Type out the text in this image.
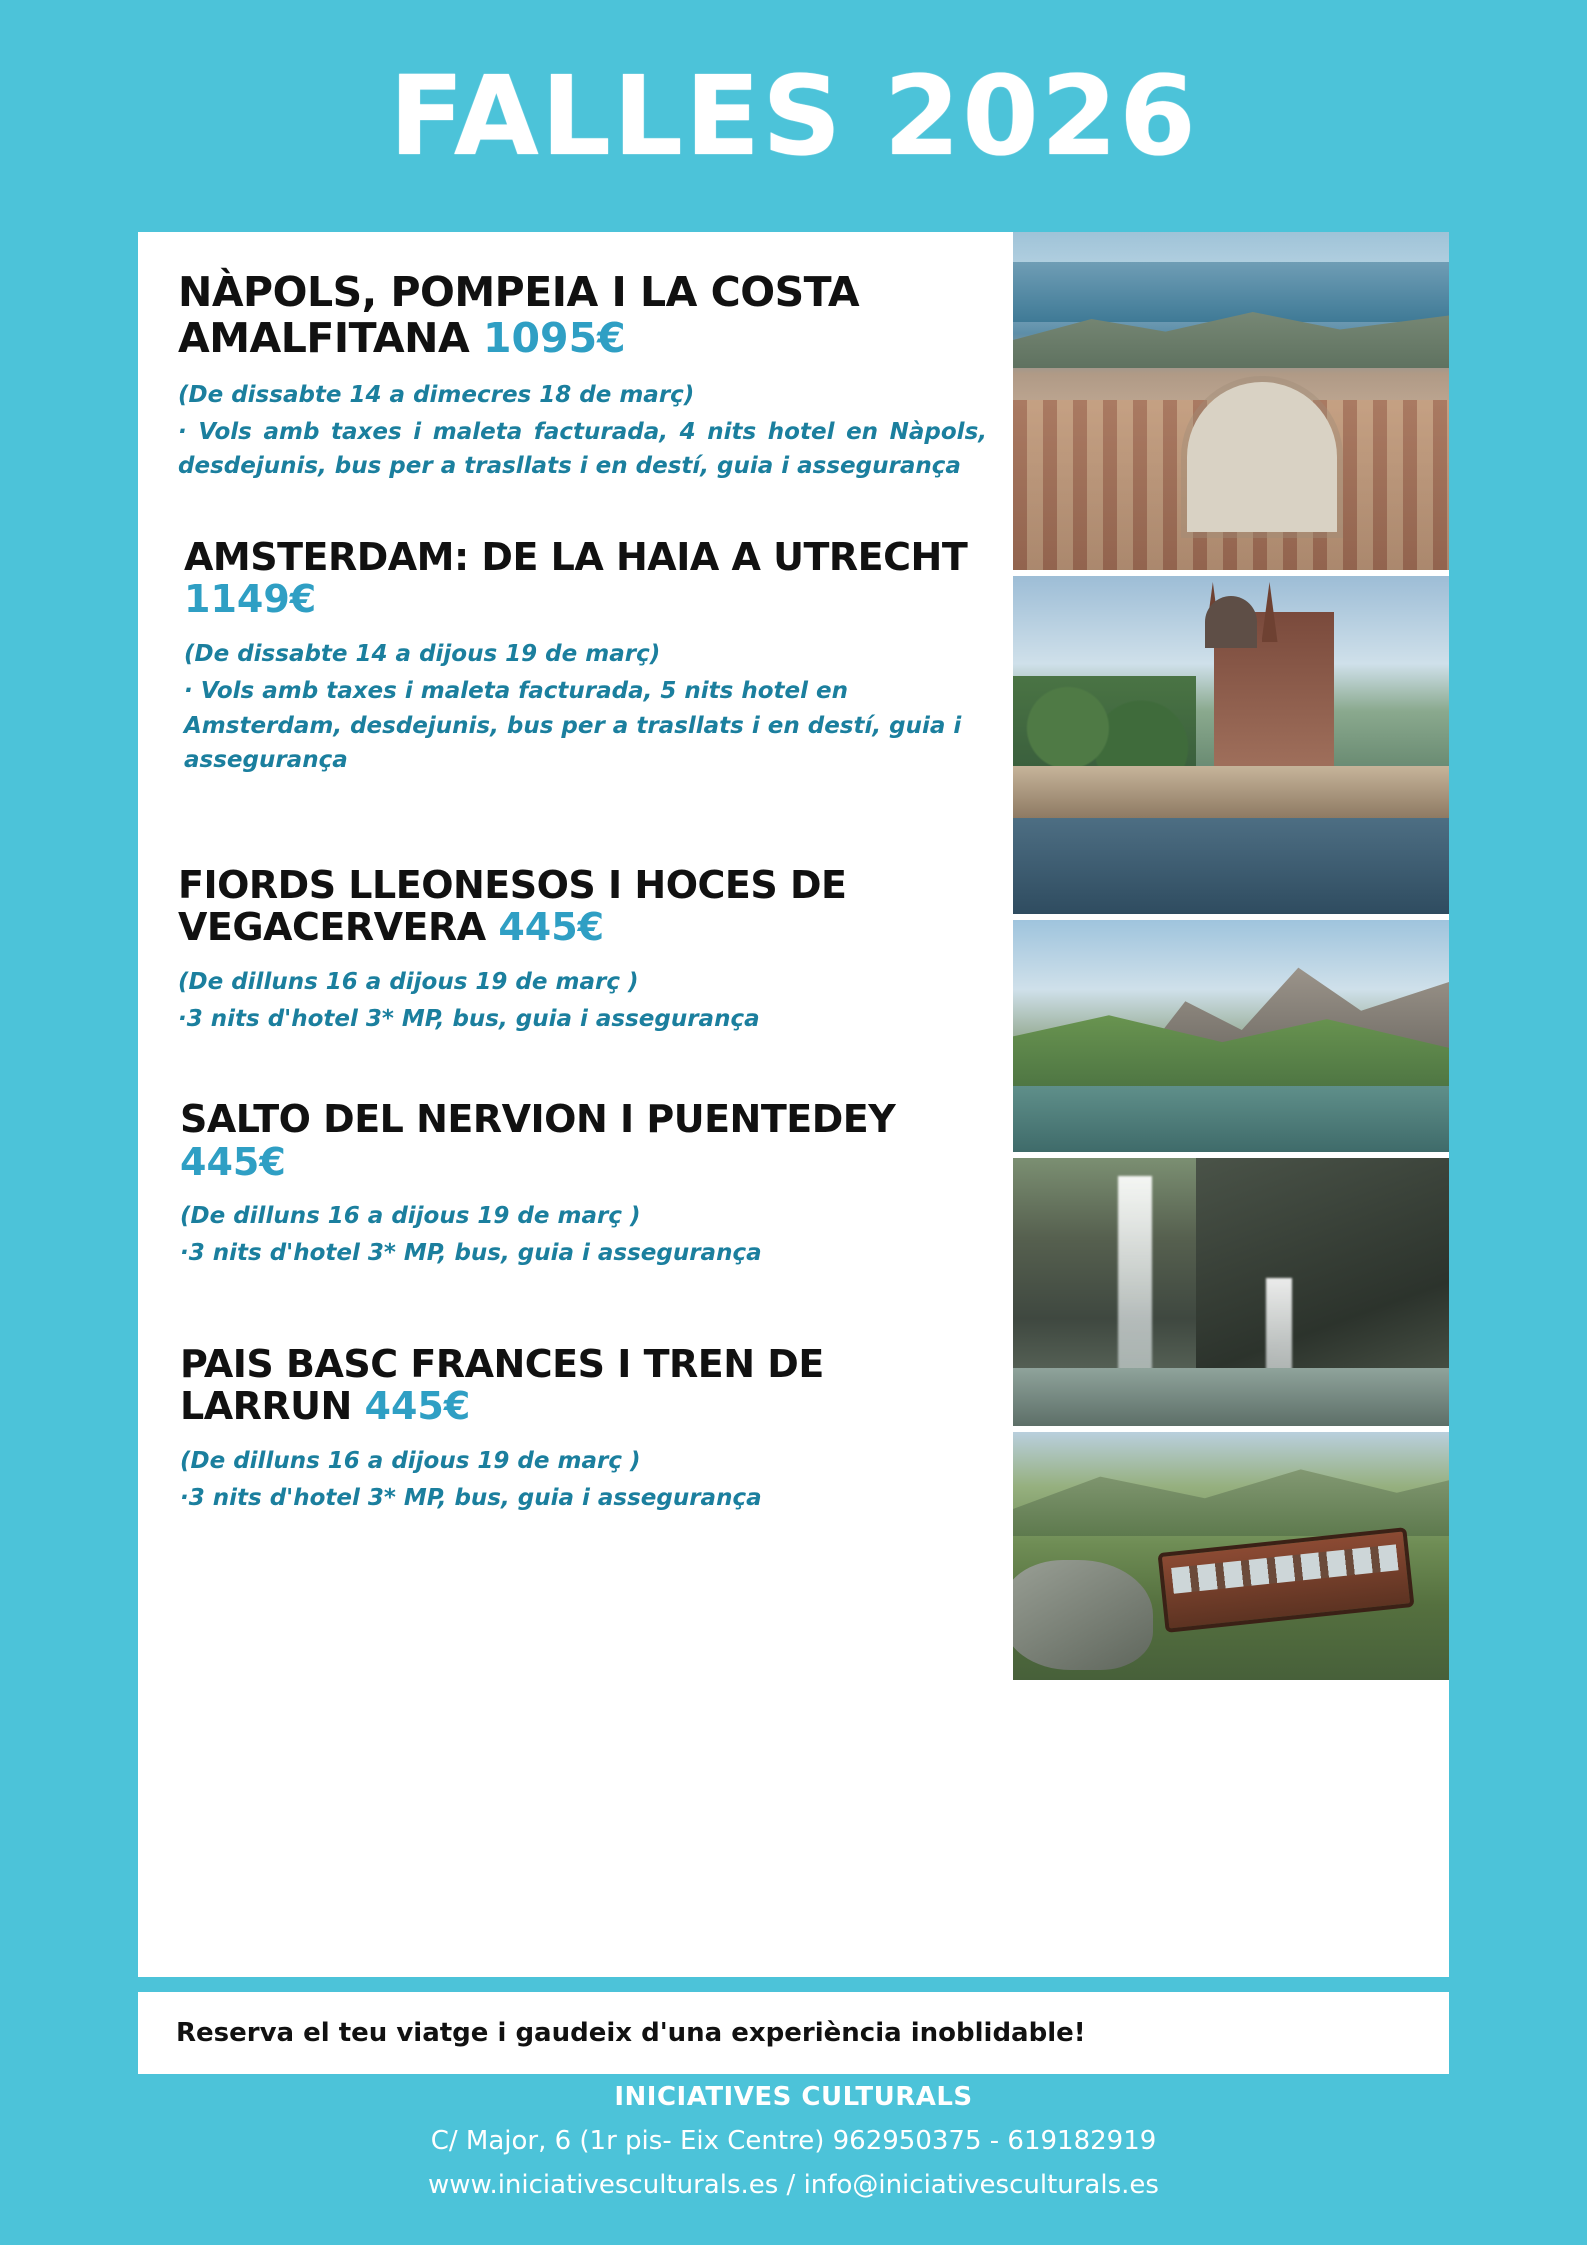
FALLES 2026
NÀPOLS, POMPEIA I LA COSTA AMALFITANA 1095€

(De dissabte 14 a dimecres 18 de març)

· Vols amb taxes i maleta facturada, 4 nits hotel en Nàpols, desdejunis, bus per a trasllats i en destí, guia i assegurança

AMSTERDAM: DE LA HAIA A UTRECHT 1149€

(De dissabte 14 a dijous 19 de març)

· Vols amb taxes i maleta facturada, 5 nits hotel en Amsterdam, desdejunis, bus per a trasllats i en destí, guia i assegurança

FIORDS LLEONESOS I HOCES DE VEGACERVERA 445€

(De dilluns 16 a dijous 19 de març )

·3 nits d'hotel 3* MP, bus, guia i assegurança

SALTO DEL NERVION I PUENTEDEY
445€

(De dilluns 16 a dijous 19 de març )

·3 nits d'hotel 3* MP, bus, guia i assegurança

PAIS BASC FRANCES I TREN DE LARRUN 445€

(De dilluns 16 a dijous 19 de març )

·3 nits d'hotel 3* MP, bus, guia i assegurança

Reserva el teu viatge i gaudeix d'una experiència inoblidable!
INICIATIVES CULTURALS
C/ Major, 6 (1r pis- Eix Centre) 962950375 - 619182919
www.iniciativesculturals.es / info@iniciativesculturals.es
